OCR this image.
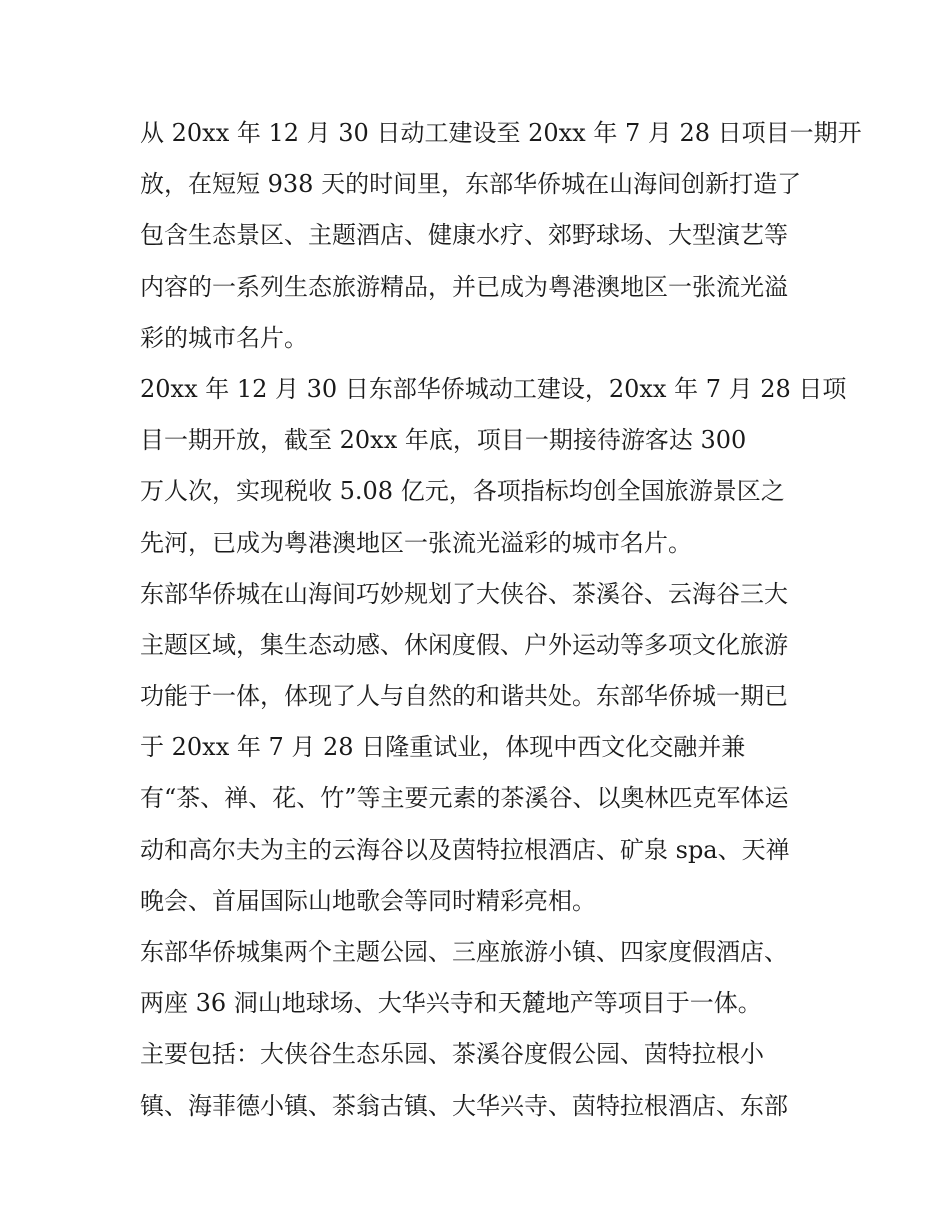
从 20xx 年 12 月 30 日动工建设至 20xx 年 7 月 28 日项目一期开
放，在短短 938 天的时间里，东部华侨城在山海间创新打造了
包含生态景区、主题酒店、健康水疗、郊野球场、大型演艺等
内容的一系列生态旅游精品，并已成为粤港澳地区一张流光溢
彩的城市名片。
20xx 年 12 月 30 日东部华侨城动工建设，20xx 年 7 月 28 日项
目一期开放，截至 20xx 年底，项目一期接待游客达 300
万人次，实现税收 5.08 亿元，各项指标均创全国旅游景区之
先河，已成为粤港澳地区一张流光溢彩的城市名片。
东部华侨城在山海间巧妙规划了大侠谷、茶溪谷、云海谷三大
主题区域，集生态动感、休闲度假、户外运动等多项文化旅游
功能于一体，体现了人与自然的和谐共处。东部华侨城一期已
于 20xx 年 7 月 28 日隆重试业，体现中西文化交融并兼
有“茶、禅、花、竹”等主要元素的茶溪谷、以奥林匹克军体运
动和高尔夫为主的云海谷以及茵特拉根酒店、矿泉 spa、天禅
晚会、首届国际山地歌会等同时精彩亮相。
东部华侨城集两个主题公园、三座旅游小镇、四家度假酒店、
两座 36 洞山地球场、大华兴寺和天麓地产等项目于一体。
主要包括：大侠谷生态乐园、茶溪谷度假公园、茵特拉根小
镇、海菲德小镇、茶翁古镇、大华兴寺、茵特拉根酒店、东部
